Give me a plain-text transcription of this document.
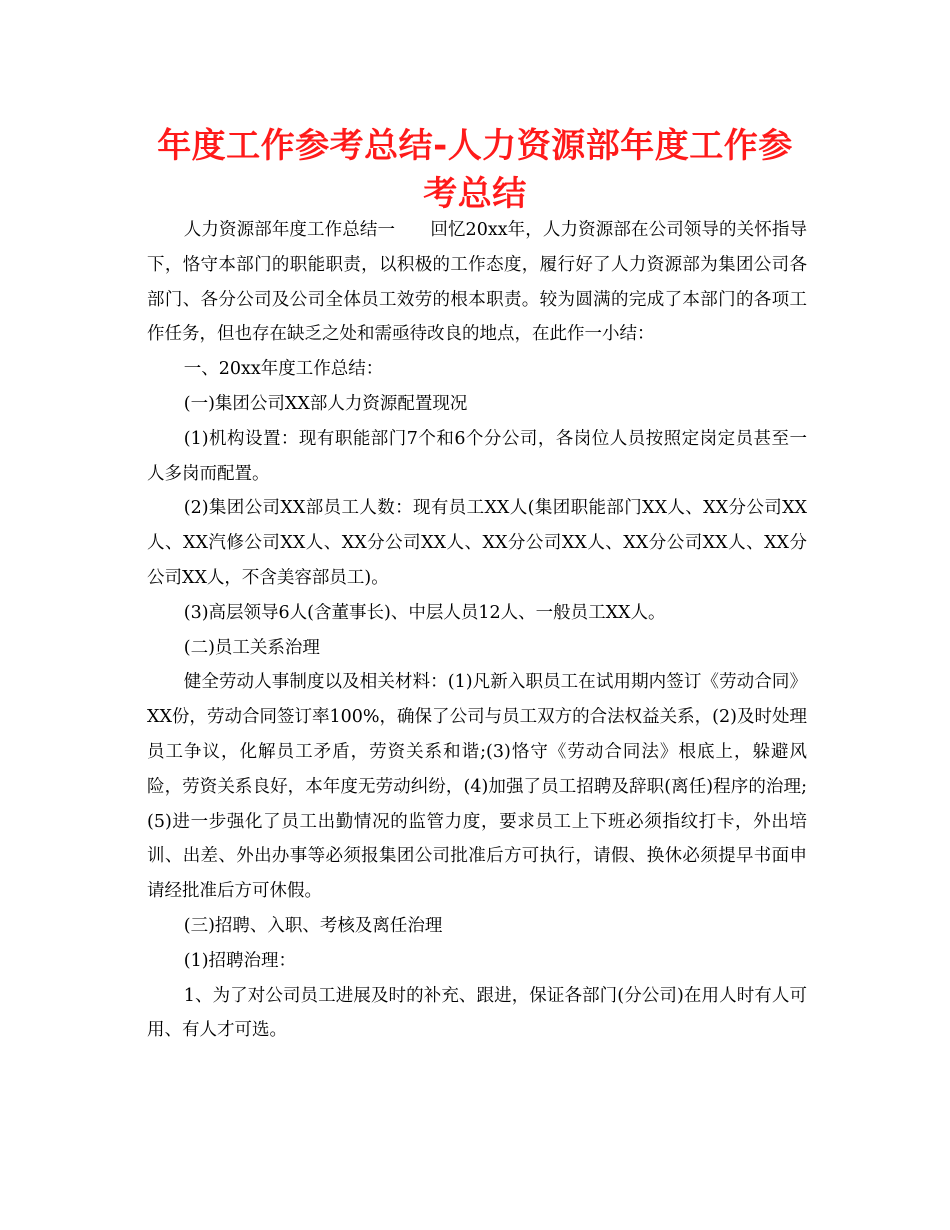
年度工作参考总结-人力资源部年度工作参考总结

人力资源部年度工作总结一　　回忆20xx年，人力资源部在公司领导的关怀指导下，恪守本部门的职能职责，以积极的工作态度，履行好了人力资源部为集团公司各部门、各分公司及公司全体员工效劳的根本职责。较为圆满的完成了本部门的各项工作任务，但也存在缺乏之处和需亟待改良的地点，在此作一小结：

一、20xx年度工作总结：

(一)集团公司XX部人力资源配置现况

(1)机构设置：现有职能部门7个和6个分公司，各岗位人员按照定岗定员甚至一人多岗而配置。

(2)集团公司XX部员工人数：现有员工XX人(集团职能部门XX人、XX分公司XX人、XX汽修公司XX人、XX分公司XX人、XX分公司XX人、XX分公司XX人、XX分公司XX人，不含美容部员工)。

(3)高层领导6人(含董事长)、中层人员12人、一般员工XX人。

(二)员工关系治理

健全劳动人事制度以及相关材料：(1)凡新入职员工在试用期内签订《劳动合同》XX份，劳动合同签订率100%，确保了公司与员工双方的合法权益关系，(2)及时处理员工争议，化解员工矛盾，劳资关系和谐;(3)恪守《劳动合同法》根底上，躲避风险，劳资关系良好，本年度无劳动纠纷，(4)加强了员工招聘及辞职(离任)程序的治理;(5)进一步强化了员工出勤情况的监管力度，要求员工上下班必须指纹打卡，外出培训、出差、外出办事等必须报集团公司批准后方可执行，请假、换休必须提早书面申请经批准后方可休假。

(三)招聘、入职、考核及离任治理

(1)招聘治理：

1、为了对公司员工进展及时的补充、跟进，保证各部门(分公司)在用人时有人可用、有人才可选。
